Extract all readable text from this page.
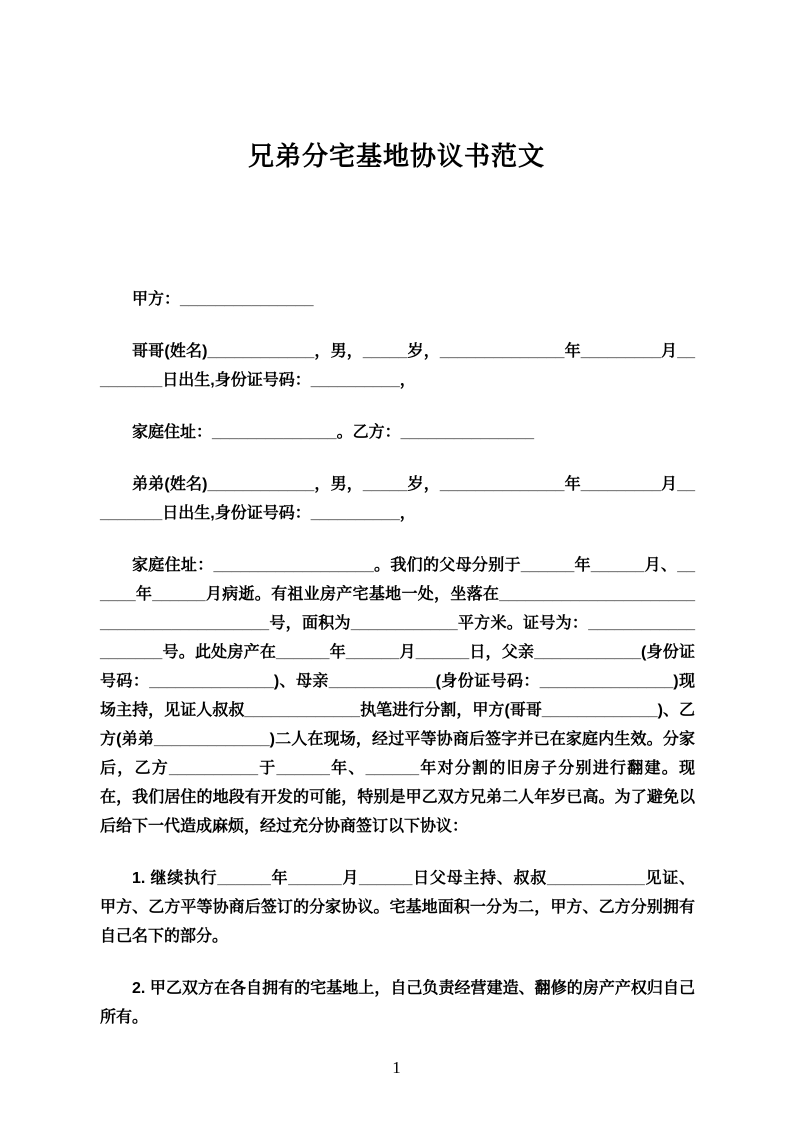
兄弟分宅基地协议书范文

甲方：_______________

哥哥(姓名)____________，男，_____岁，______________年_________月_________日出生,身份证号码：__________，

家庭住址：______________。乙方：_______________

弟弟(姓名)____________，男，_____岁，______________年_________月_________日出生,身份证号码：__________，

家庭住址：__________________。我们的父母分别于______年______月、______年______月病逝。有祖业房产宅基地一处，坐落在_________________________________________号，面积为____________平方米。证号为：___________________号。此处房产在______年______月______日，父亲____________(身份证号码：______________)、母亲____________(身份证号码：_______________)现场主持，见证人叔叔_____________执笔进行分割，甲方(哥哥_____________)、乙方(弟弟_____________)二人在现场，经过平等协商后签字并已在家庭内生效。分家后，乙方__________于______年、______年对分割的旧房子分别进行翻建。现在，我们居住的地段有开发的可能，特别是甲乙双方兄弟二人年岁已高。为了避免以后给下一代造成麻烦，经过充分协商签订以下协议：

1. 继续执行______年______月______日父母主持、叔叔___________见证、甲方、乙方平等协商后签订的分家协议。宅基地面积一分为二，甲方、乙方分别拥有自己名下的部分。

2. 甲乙双方在各自拥有的宅基地上，自己负责经营建造、翻修的房产产权归自己所有。

1
